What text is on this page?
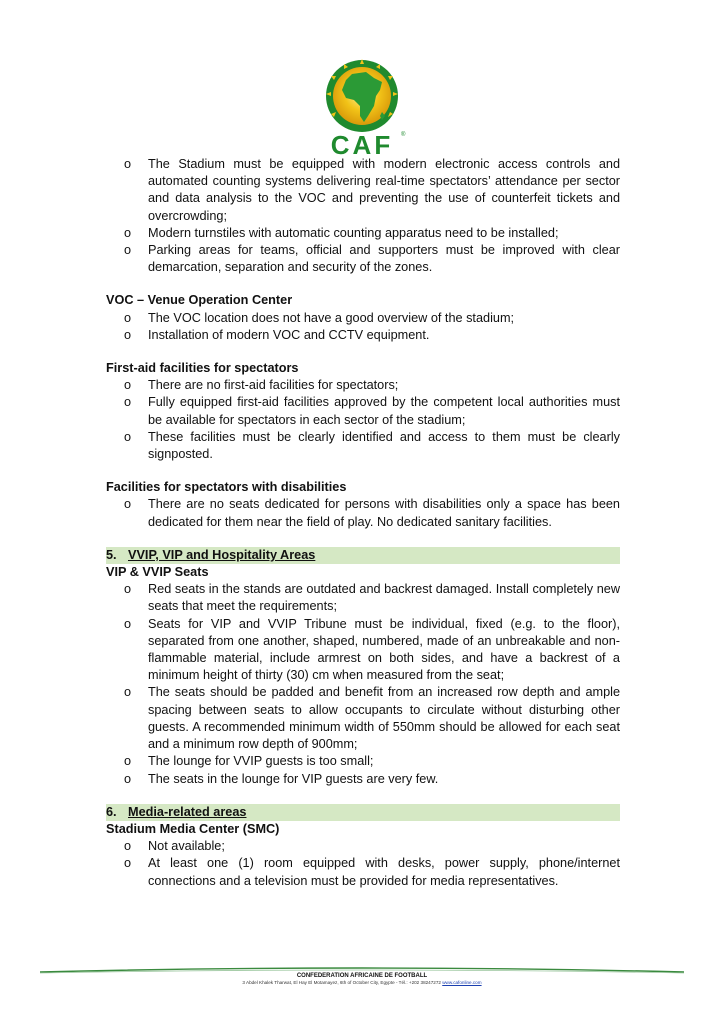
CAF ®
o The Stadium must be equipped with modern electronic access controls and automated counting systems delivering real-time spectators’ attendance per sector and data analysis to the VOC and preventing the use of counterfeit tickets and overcrowding;
o Modern turnstiles with automatic counting apparatus need to be installed;
o Parking areas for teams, official and supporters must be improved with clear demarcation, separation and security of the zones.

VOC – Venue Operation Center

o The VOC location does not have a good overview of the stadium;
o Installation of modern VOC and CCTV equipment.

First-aid facilities for spectators

o There are no first-aid facilities for spectators;
o Fully equipped first-aid facilities approved by the competent local authorities must be available for spectators in each sector of the stadium;
o These facilities must be clearly identified and access to them must be clearly signposted.

Facilities for spectators with disabilities

o There are no seats dedicated for persons with disabilities only a space has been dedicated for them near the field of play. No dedicated sanitary facilities.

5. VVIP, VIP and Hospitality Areas

VIP & VVIP Seats

o Red seats in the stands are outdated and backrest damaged. Install completely new seats that meet the requirements;
o Seats for VIP and VVIP Tribune must be individual, fixed (e.g. to the floor), separated from one another, shaped, numbered, made of an unbreakable and non-flammable material, include armrest on both sides, and have a backrest of a minimum height of thirty (30) cm when measured from the seat;
o The seats should be padded and benefit from an increased row depth and ample spacing between seats to allow occupants to circulate without disturbing other guests. A recommended minimum width of 550mm should be allowed for each seat and a minimum row depth of 900mm;
o The lounge for VVIP guests is too small;
o The seats in the lounge for VIP guests are very few.

6. Media-related areas

Stadium Media Center (SMC)

o Not available;
o At least one (1) room equipped with desks, power supply, phone/internet connections and a television must be provided for media representatives.
CONFEDERATION AFRICAINE DE FOOTBALL
3 Abdel Khalek Tharwat, El Hay El Motamayez, 6th of October City, Egypte - Tél.: +202 38247272 www.cafonline.com
